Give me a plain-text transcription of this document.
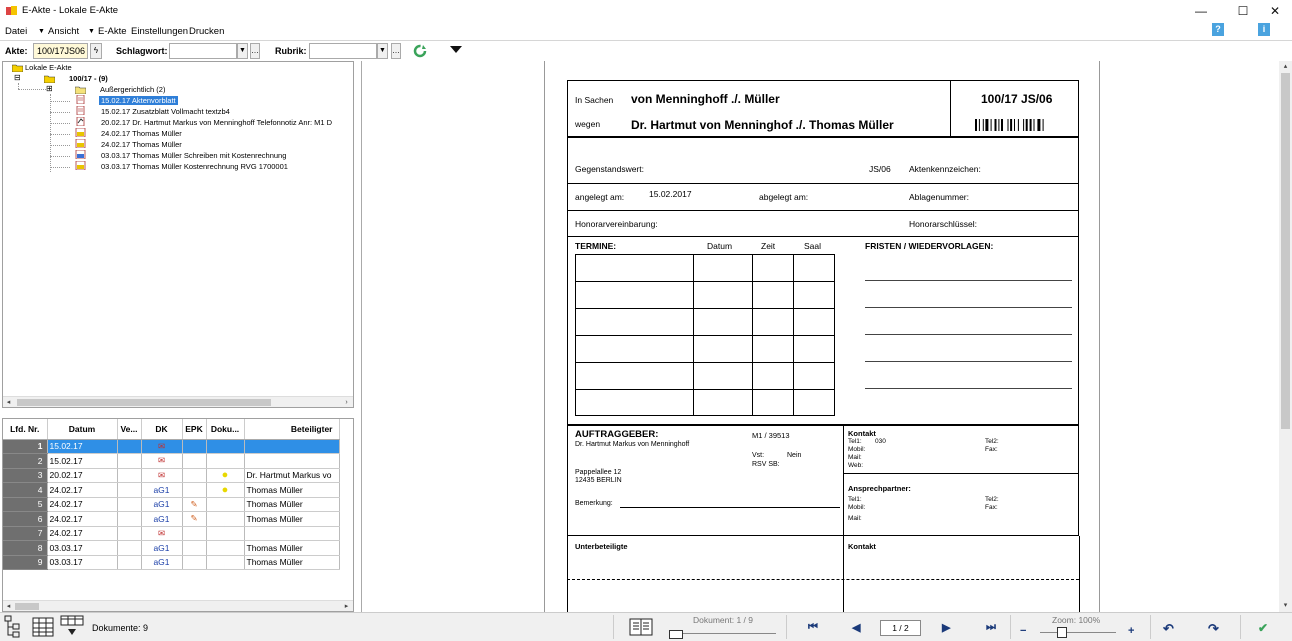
E-Akte - Lokale E-Akte	—	☐	✕
Datei ▼ Ansicht ▼ E-Akte Einstellungen Drucken	?	i
Akte:	100/17JS06	ϟ	Schlagwort:	▼ … Rubrik:	▼ …
Lokale E-Akte
⊟	100/17 - (9)
⊞	Außergerichtlich (2)
15.02.17 Aktenvorblatt
15.02.17 Zusatzblatt Vollmacht textzb4
20.02.17 Dr. Hartmut Markus von Menninghoff Telefonnotiz Anr: M1 D
24.02.17 Thomas Müller
24.02.17 Thomas Müller
03.03.17 Thomas Müller Schreiben mit Kostenrechnung
03.03.17 Thomas Müller Kostenrechnung RVG 1700001
◂	›
Lfd. Nr.	Datum	Ve...	DK	EPK	Doku...	Beteiligter
1	15.02.17		✉			
2	15.02.17		✉			
3	20.02.17		✉		●	Dr. Hartmut Markus vo
4	24.02.17		aG1		●	Thomas Müller
5	24.02.17		aG1	✎		Thomas Müller
6	24.02.17		aG1	✎		Thomas Müller
7	24.02.17		✉			
8	03.03.17		aG1			Thomas Müller
9	03.03.17		aG1			Thomas Müller
◂	▸
In Sachen von Menninghoff ./. Müller	100/17 JS/06
wegen	Dr. Hartmut von Menninghof ./. Thomas Müller
Gegenstandswert:	JS/06 Aktenkennzeichen:
angelegt am:	15.02.2017	abgelegt am:	Ablagenummer:
Honorarvereinbarung:	Honorarschlüssel:
TERMINE:	Datum	Zeit	Saal	FRISTEN / WIEDERVORLAGEN:
AUFTRAGGEBER:	M1 / 39513
Dr. Hartmut Markus von Menninghoff
Vst:	Nein
RSV SB:
Pappelallee 12
12435 BERLIN
Bemerkung:
Kontakt
Tel1: 030
Mobil:
Mail:
Web:
Tel2:
Fax:
Ansprechpartner:
Tel1:
Mobil:
Mail:
Tel2:
Fax:
Unterbeteiligte	Kontakt
▴
▾
Dokumente: 9
Dokument: 1 / 9
⏮	◀	1 / 2	▶	⏭
Zoom: 100%
−	+ ↶	↷	✔
